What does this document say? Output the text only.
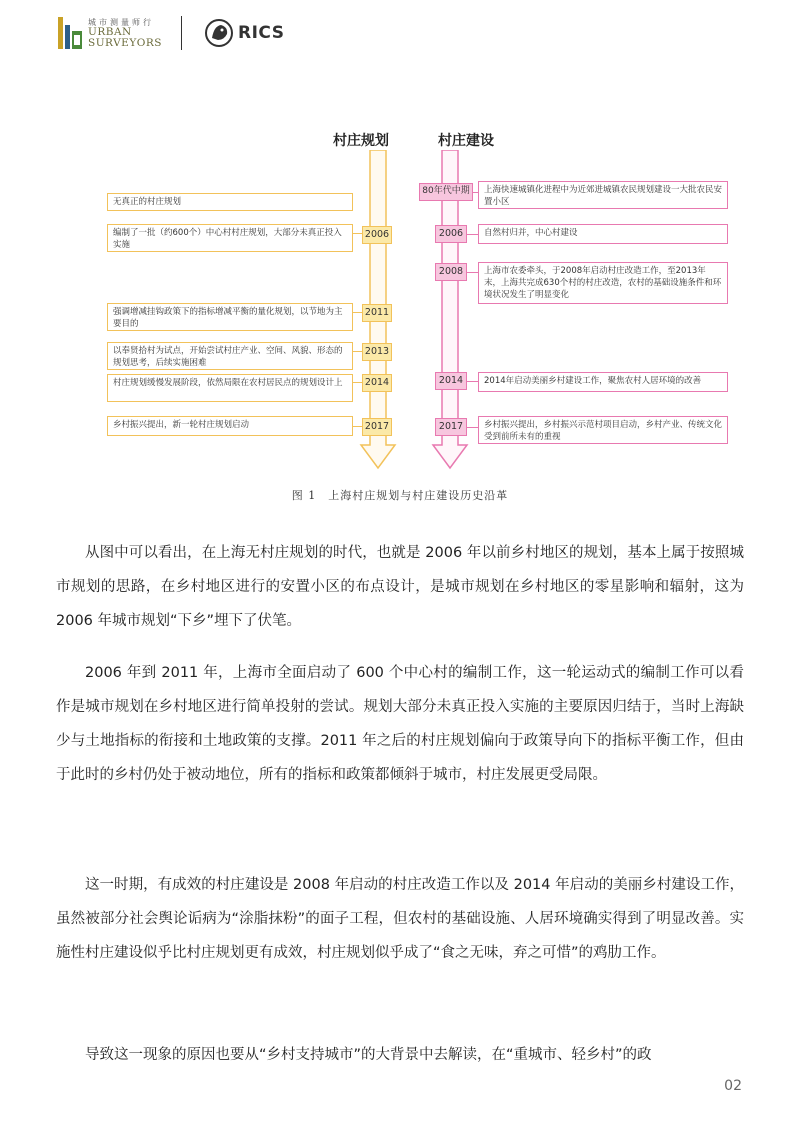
城市测量师行
URBAN
SURVEYORS	RICS
村庄规划	村庄建设
无真正的村庄规划
编制了一批（约600个）中心村村庄规划，大部分未真正投入实施
2006
强调增减挂钩政策下的指标增减平衡的量化规划，以节地为主要目的
2011
以奉贤拾村为试点，开始尝试村庄产业、空间、风貌、形态的规划思考，后续实施困难
2013
村庄规划缓慢发展阶段，依然局限在农村居民点的规划设计上	2014
乡村振兴提出，新一轮村庄规划启动	2017
80年代中期	上海快速城镇化进程中为近郊进城镇农民规划建设一大批农民安置小区
2006	自然村归并，中心村建设
2008	上海市农委牵头，于2008年启动村庄改造工作，至2013年末，上海共完成630个村的村庄改造，农村的基础设施条件和环境状况发生了明显变化
2014	2014年启动美丽乡村建设工作，聚焦农村人居环境的改善
2017	乡村振兴提出，乡村振兴示范村项目启动，乡村产业、传统文化受到前所未有的重视
图 1　上海村庄规划与村庄建设历史沿革

从图中可以看出，在上海无村庄规划的时代，也就是 2006 年以前乡村地区的规划，基本上属于按照城市规划的思路，在乡村地区进行的安置小区的布点设计，是城市规划在乡村地区的零星影响和辐射，这为 2006 年城市规划“下乡”埋下了伏笔。

2006 年到 2011 年，上海市全面启动了 600 个中心村的编制工作，这一轮运动式的编制工作可以看作是城市规划在乡村地区进行简单投射的尝试。规划大部分未真正投入实施的主要原因归结于，当时上海缺少与土地指标的衔接和土地政策的支撑。2011 年之后的村庄规划偏向于政策导向下的指标平衡工作，但由于此时的乡村仍处于被动地位，所有的指标和政策都倾斜于城市，村庄发展更受局限。

这一时期，有成效的村庄建设是 2008 年启动的村庄改造工作以及 2014 年启动的美丽乡村建设工作，虽然被部分社会舆论诟病为“涂脂抹粉”的面子工程，但农村的基础设施、人居环境确实得到了明显改善。实施性村庄建设似乎比村庄规划更有成效，村庄规划似乎成了“食之无味，弃之可惜”的鸡肋工作。

导致这一现象的原因也要从“乡村支持城市”的大背景中去解读，在“重城市、轻乡村”的政

02
